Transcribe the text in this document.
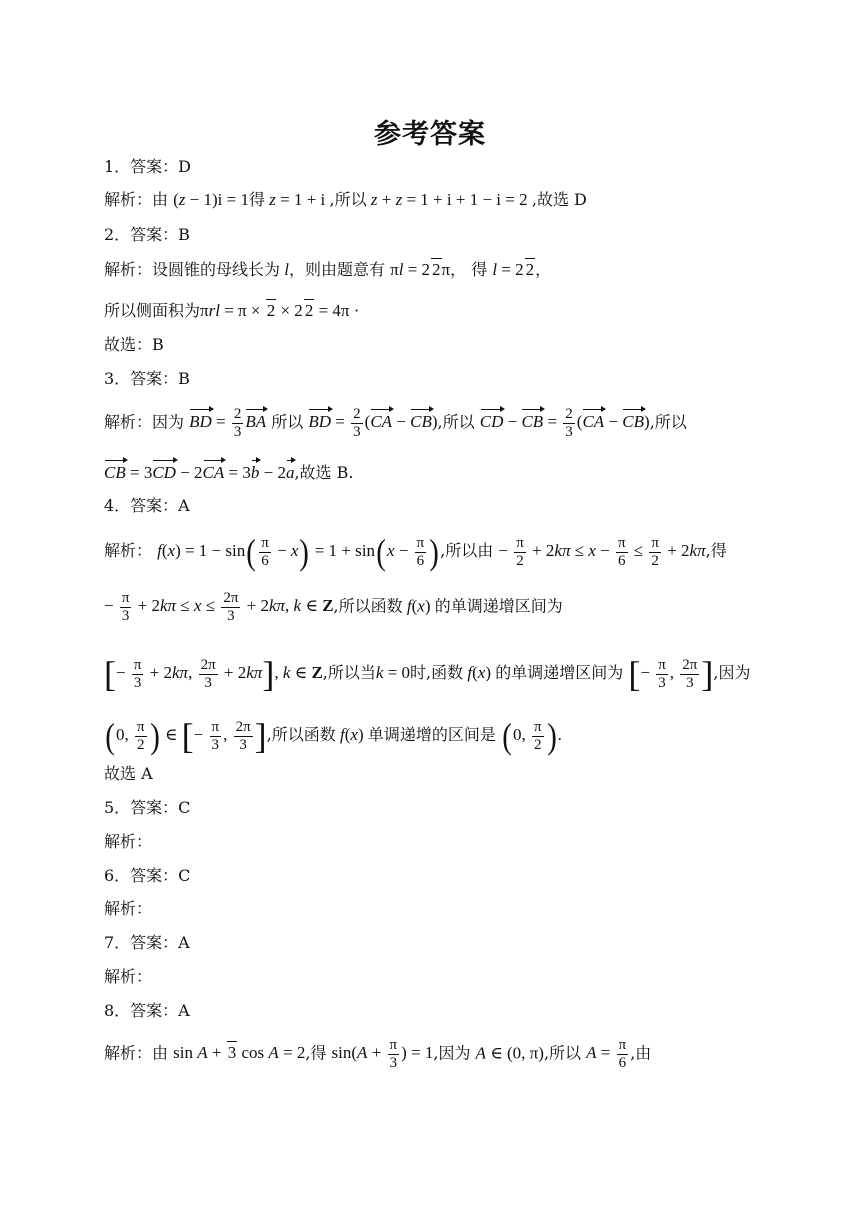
参考答案
1．答案：D
解析：由 (z − 1)i = 1得 z = 1 + i ,所以 z + z = 1 + i + 1 − i = 2 ,故选 D
2．答案：B
解析：设圆锥的母线长为 l，则由题意有 πl = 2 2π， 得 l = 2 2，
所以侧面积为πrl = π × 2 × 2 2 = 4π ·
故选：B
3．答案：B
解析：因为 BD = $\frac{2}{3}$ BA 所以 BD = $\frac{2}{3} (CA - CB)$,所以 CD − CB = $\frac{2}{3} (CA - CB)$,所以
CB = 3CD − 2CA = 3b − 2a,故选 B.
4．答案：A
解析： $f(x) = 1 - \sin( \frac{\pi}{6} - x) = 1 + \sin(x - \frac{\pi}{6}$ ),所以由 − $\frac{\pi}{2} + 2k\pi \le x - \frac{\pi}{6} \le \frac{\pi}{2} + 2k\pi$,得
− $\frac{\pi}{3} + 2k\pi \le x \le \frac{2\pi}{3} + 2k\pi$, k ∈ Z,所以函数 f(x) 的单调递增区间为
[− $\frac{\pi}{3} + 2k\pi$, $\frac{2\pi}{3} + 2k\pi$], k ∈ Z,所以当k = 0时,函数 f(x) 的单调递增区间为 [− $\frac{\pi}{3}$ , $\frac{2\pi}{3}$ ],因为
(0, $\frac{\pi}{2}$ ) ∈ [− $\frac{\pi}{3}$ , $\frac{2\pi}{3}$ ],所以函数 f(x) 单调递增的区间是 (0, $\frac{\pi}{2}$ ).
故选 A
5．答案：C
解析：
6．答案：C
解析：
7．答案：A
解析：
8．答案：A
解析：由 sin A + 3 cos A = 2,得 $\sin(A + \frac{\pi}{3}$ ) = 1,因为 A ∈ (0, π),所以 $A = \frac{\pi}{6}$ ,由
